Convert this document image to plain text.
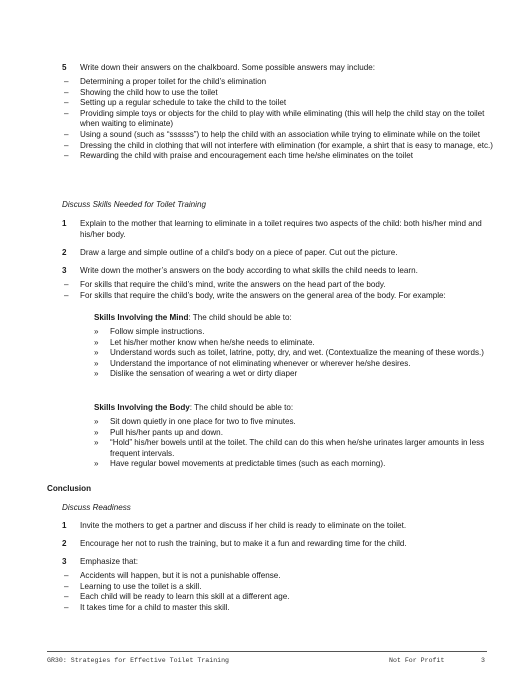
5 Write down their answers on the chalkboard. Some possible answers may include:
– Determining a proper toilet for the child’s elimination
– Showing the child how to use the toilet
– Setting up a regular schedule to take the child to the toilet
– Providing simple toys or objects for the child to play with while eliminating (this will help the child stay on the toilet when waiting to eliminate)
– Using a sound (such as “ssssss”) to help the child with an association while trying to eliminate while on the toilet
– Dressing the child in clothing that will not interfere with elimination (for example, a shirt that is easy to manage, etc.)
– Rewarding the child with praise and encouragement each time he/she eliminates on the toilet
Discuss Skills Needed for Toilet Training
1 Explain to the mother that learning to eliminate in a toilet requires two aspects of the child: both his/her mind and his/her body.
2 Draw a large and simple outline of a child’s body on a piece of paper. Cut out the picture.
3 Write down the mother’s answers on the body according to what skills the child needs to learn.
– For skills that require the child’s mind, write the answers on the head part of the body.
– For skills that require the child’s body, write the answers on the general area of the body. For example:
Skills Involving the Mind: The child should be able to:
» Follow simple instructions.
» Let his/her mother know when he/she needs to eliminate.
» Understand words such as toilet, latrine, potty, dry, and wet. (Contextualize the meaning of these words.)
» Understand the importance of not eliminating whenever or wherever he/she desires.
» Dislike the sensation of wearing a wet or dirty diaper
Skills Involving the Body: The child should be able to:
» Sit down quietly in one place for two to five minutes.
» Pull his/her pants up and down.
» “Hold” his/her bowels until at the toilet. The child can do this when he/she urinates larger amounts in less frequent intervals.
» Have regular bowel movements at predictable times (such as each morning).
Conclusion
Discuss Readiness
1 Invite the mothers to get a partner and discuss if her child is ready to eliminate on the toilet.
2 Encourage her not to rush the training, but to make it a fun and rewarding time for the child.
3 Emphasize that:
– Accidents will happen, but it is not a punishable offense.
– Learning to use the toilet is a skill.
– Each child will be ready to learn this skill at a different age.
– It takes time for a child to master this skill.
GR30: Strategies for Effective Toilet Training	Not For Profit	3
